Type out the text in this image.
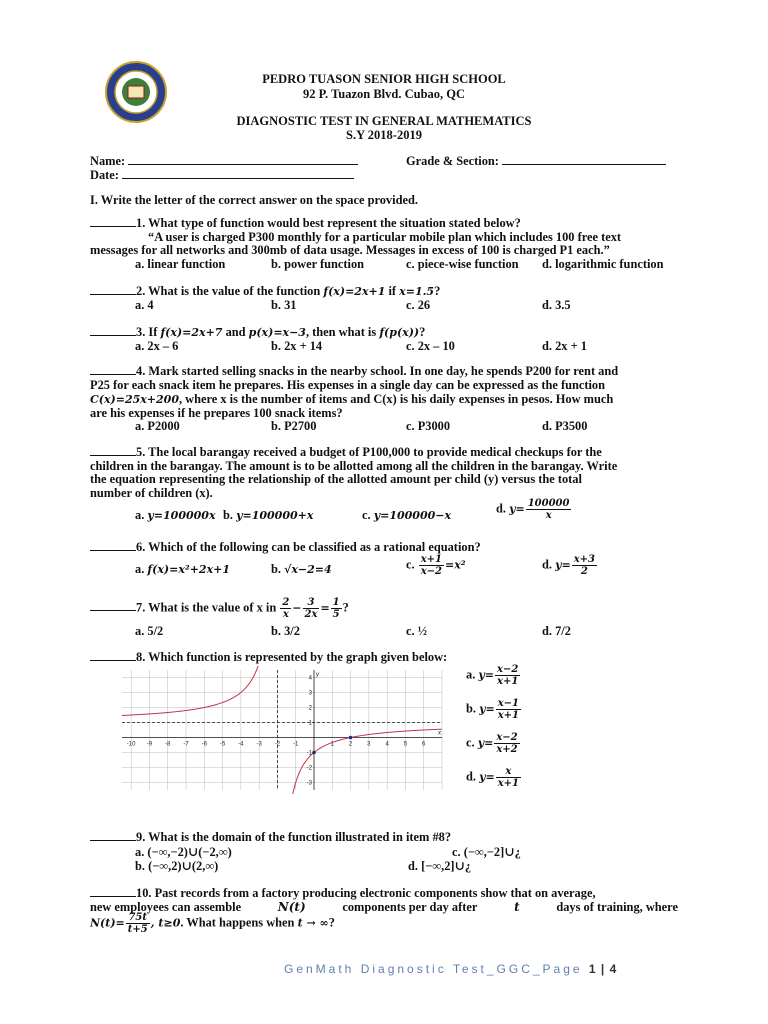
PEDRO TUASON SENIOR HIGH SCHOOL
92 P. Tuazon Blvd. Cubao, QC
DIAGNOSTIC TEST IN GENERAL MATHEMATICS
S.Y 2018-2019
Name:	Grade & Section:
Date:
I. Write the letter of the correct answer on the space provided.
1. What type of function would best represent the situation stated below?
“A user is charged P300 monthly for a particular mobile plan which includes 100 free text
messages for all networks and 300mb of data usage. Messages in excess of 100 is charged P1 each.”
a. linear function	b. power function	c. piece-wise function d. logarithmic function
2. What is the value of the function f(x)=2x+1 if x=1.5?
a. 4	b. 31	c. 26	d. 3.5
3. If f(x)=2x+7 and p(x)=x−3, then what is f(p(x))?
a. 2x – 6	b. 2x + 14	c. 2x – 10	d. 2x + 1
4. Mark started selling snacks in the nearby school. In one day, he spends P200 for rent and
P25 for each snack item he prepares. His expenses in a single day can be expressed as the function
C(x)=25x+200, where x is the number of items and C(x) is his daily expenses in pesos. How much
are his expenses if he prepares 100 snack items?
a. P2000	b. P2700	c. P3000	d. P3500
5. The local barangay received a budget of P100,000 to provide medical checkups for the
children in the barangay. The amount is to be allotted among all the children in the barangay. Write
the equation representing the relationship of the allotted amount per child (y) versus the total
number of children (x).
a. y=100000x b. y=100000+x	c. y=100000−x
d. $y= \frac{100000}{x}$
6. Which of the following can be classified as a rational equation?
a. f(x)=x²+2x+1	b. √x−2=4	c. $\frac{x+1}{x-2} =x^2$	d. $y= \frac{x+3}{2}$
7. What is the value of x in $\frac{2}{x} - \frac{3}{2x} = \frac{1}{5}$ ?
a. 5/2	b. 3/2	c. ½	d. 7/2
8. Which function is represented by the graph given below:
-10 -9 -8 -7 -6 -5 -4 -3 -2 -1	1 2 3 4 5 6
4
3
2
1
-1
-2
-3
x
y	a. $y= \frac{x-2}{x+1}$
b. $y= \frac{x-1}{x+1}$
c. $y= \frac{x-2}{x+2}$
d. $y= \frac{x}{x+1}$
9. What is the domain of the function illustrated in item #8?
a. (−∞,−2)∪(−2,∞)	c. (−∞,−2]∪¿
b. (−∞,2)∪(2,∞)	d. [−∞,2]∪¿
10. Past records from a factory producing electronic components show that on average,
new employees can assemble	N(t)	components per day after	t	days of training, where
$N(t)= \frac{75t}{t+5}$ , t≥0. What happens when t → ∞?
GenMath Diagnostic Test_GGC_Page 1 | 4
